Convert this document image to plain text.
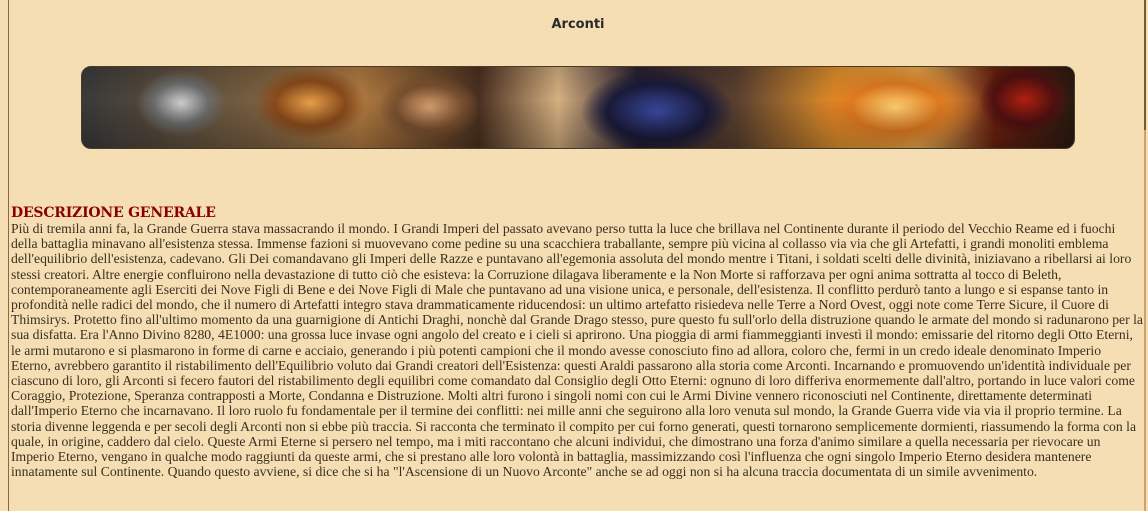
Arconti
DESCRIZIONE GENERALE

Più di tremila anni fa, la Grande Guerra stava massacrando il mondo. I Grandi Imperi del passato avevano perso tutta la luce che brillava nel Continente durante il periodo del Vecchio Reame ed i fuochi della battaglia minavano all'esistenza stessa. Immense fazioni si muovevano come pedine su una scacchiera traballante, sempre più vicina al collasso via via che gli Artefatti, i grandi monoliti emblema dell'equilibrio dell'esistenza, cadevano. Gli Dei comandavano gli Imperi delle Razze e puntavano all'egemonia assoluta del mondo mentre i Titani, i soldati scelti delle divinità, iniziavano a ribellarsi ai loro stessi creatori. Altre energie confluirono nella devastazione di tutto ciò che esisteva: la Corruzione dilagava liberamente e la Non Morte si rafforzava per ogni anima sottratta al tocco di Beleth, contemporaneamente agli Eserciti dei Nove Figli di Bene e dei Nove Figli di Male che puntavano ad una visione unica, e personale, dell'esistenza. Il conflitto perdurò tanto a lungo e si espanse tanto in profondità nelle radici del mondo, che il numero di Artefatti integro stava drammaticamente riducendosi: un ultimo artefatto risiedeva nelle Terre a Nord Ovest, oggi note come Terre Sicure, il Cuore di Thimsirys. Protetto fino all'ultimo momento da una guarnigione di Antichi Draghi, nonchè dal Grande Drago stesso, pure questo fu sull'orlo della distruzione quando le armate del mondo si radunarono per la sua disfatta. Era l'Anno Divino 8280, 4E1000: una grossa luce invase ogni angolo del creato e i cieli si aprirono. Una pioggia di armi fiammeggianti investì il mondo: emissarie del ritorno degli Otto Eterni, le armi mutarono e si plasmarono in forme di carne e acciaio, generando i più potenti campioni che il mondo avesse conosciuto fino ad allora, coloro che, fermi in un credo ideale denominato Imperio Eterno, avrebbero garantito il ristabilimento dell'Equilibrio voluto dai Grandi creatori dell'Esistenza: questi Araldi passarono alla storia come Arconti. Incarnando e promuovendo un'identità individuale per ciascuno di loro, gli Arconti si fecero fautori del ristabilimento degli equilibri come comandato dal Consiglio degli Otto Eterni: ognuno di loro differiva enormemente dall'altro, portando in luce valori come Coraggio, Protezione, Speranza contrapposti a Morte, Condanna e Distruzione. Molti altri furono i singoli nomi con cui le Armi Divine vennero riconosciuti nel Continente, direttamente determinati dall'Imperio Eterno che incarnavano. Il loro ruolo fu fondamentale per il termine dei conflitti: nei mille anni che seguirono alla loro venuta sul mondo, la Grande Guerra vide via via il proprio termine. La storia divenne leggenda e per secoli degli Arconti non si ebbe più traccia. Si racconta che terminato il compito per cui forno generati, questi tornarono semplicemente dormienti, riassumendo la forma con la quale, in origine, caddero dal cielo. Queste Armi Eterne si persero nel tempo, ma i miti raccontano che alcuni individui, che dimostrano una forza d'animo similare a quella necessaria per rievocare un Imperio Eterno, vengano in qualche modo raggiunti da queste armi, che si prestano alle loro volontà in battaglia, massimizzando così l'influenza che ogni singolo Imperio Eterno desidera mantenere innatamente sul Continente. Quando questo avviene, si dice che si ha "l'Ascensione di un Nuovo Arconte" anche se ad oggi non si ha alcuna traccia documentata di un simile avvenimento.
